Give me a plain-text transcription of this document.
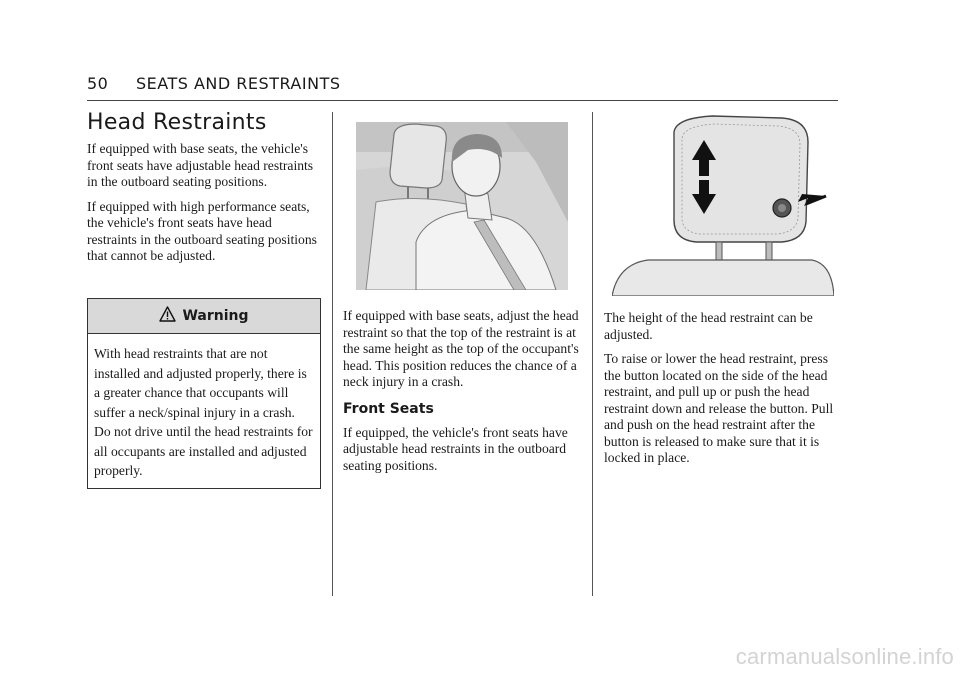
50 SEATS AND RESTRAINTS
Head Restraints

If equipped with base seats, the vehicle's front seats have adjustable head restraints in the outboard seating positions.

If equipped with high performance seats, the vehicle's front seats have head restraints in the outboard seating positions that cannot be adjusted.

Warning
With head restraints that are not installed and adjusted properly, there is a greater chance that occupants will suffer a neck/spinal injury in a crash. Do not drive until the head restraints for all occupants are installed and adjusted properly.

If equipped with base seats, adjust the head restraint so that the top of the restraint is at the same height as the top of the occupant's head. This position reduces the chance of a neck injury in a crash.

Front Seats

If equipped, the vehicle's front seats have adjustable head restraints in the outboard seating positions.

The height of the head restraint can be adjusted.

To raise or lower the head restraint, press the button located on the side of the head restraint, and pull up or push the head restraint down and release the button. Pull and push on the head restraint after the button is released to make sure that it is locked in place.

carmanualsonline.info
